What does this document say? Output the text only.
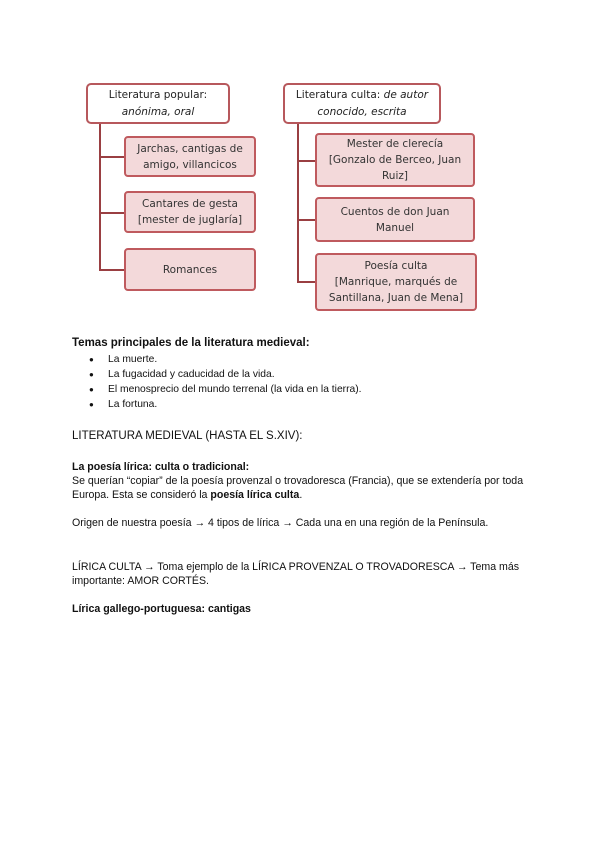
Literatura popular:
anónima, oral
Literatura culta: de autor
conocido, escrita
Jarchas, cantigas de
amigo, villancicos
Cantares de gesta
[mester de juglaría]
Romances
Mester de clerecía
[Gonzalo de Berceo, Juan
Ruiz]
Cuentos de don Juan
Manuel
Poesía culta
[Manrique, marqués de
Santillana, Juan de Mena]
Temas principales de la literatura medieval:
● La muerte.
● La fugacidad y caducidad de la vida.
● El menosprecio del mundo terrenal (la vida en la tierra).
● La fortuna.
LITERATURA MEDIEVAL (HASTA EL S.XIV):
La poesía lírica: culta o tradicional:

Se querían “copiar” de la poesía provenzal o trovadoresca (Francia), que se extendería por toda Europa. Esta se consideró la poesía lírica culta.

Origen de nuestra poesía → 4 tipos de lírica → Cada una en una región de la Península.

LÍRICA CULTA → Toma ejemplo de la LÍRICA PROVENZAL O TROVADORESCA → Tema más importante: AMOR CORTÉS.

Lírica gallego-portuguesa: cantigas
